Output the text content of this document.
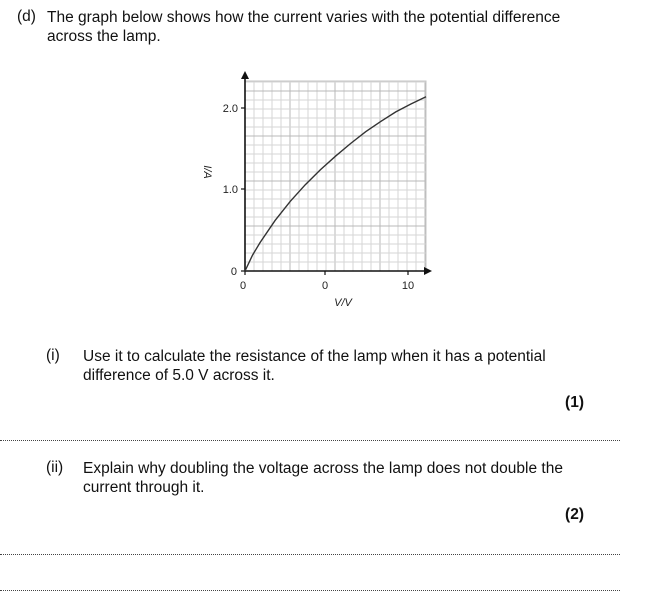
(d) The graph below shows how the current varies with the potential difference across the lamp.
2.0
1.0
0
0	0	10
V/V
I/A
(i) Use it to calculate the resistance of the lamp when it has a potential difference of 5.0 V across it.
(1)
(ii) Explain why doubling the voltage across the lamp does not double the current through it.
(2)
